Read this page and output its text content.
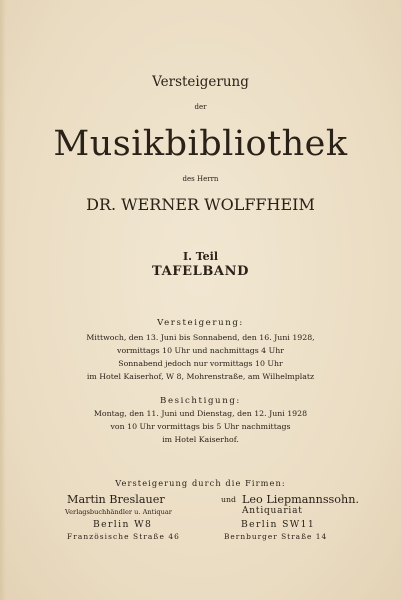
Versteigerung
der
Musikbibliothek
des Herrn
DR. WERNER WOLFFHEIM
I. Teil
TAFELBAND
Versteigerung:
Mittwoch, den 13. Juni bis Sonnabend, den 16. Juni 1928,
vormittags 10 Uhr und nachmittags 4 Uhr
Sonnabend jedoch nur vormittags 10 Uhr
im Hotel Kaiserhof, W 8, Mohrenstraße, am Wilhelmplatz
Besichtigung:
Montag, den 11. Juni und Dienstag, den 12. Juni 1928
von 10 Uhr vormittags bis 5 Uhr nachmittags
im Hotel Kaiserhof.
Versteigerung durch die Firmen:
Martin Breslauer	und
Verlagsbuchhändler u. Antiquar
Berlin W8
Französische Straße 46
Leo Liepmannssohn.
Antiquariat
Berlin SW11
Bernburger Straße 14
